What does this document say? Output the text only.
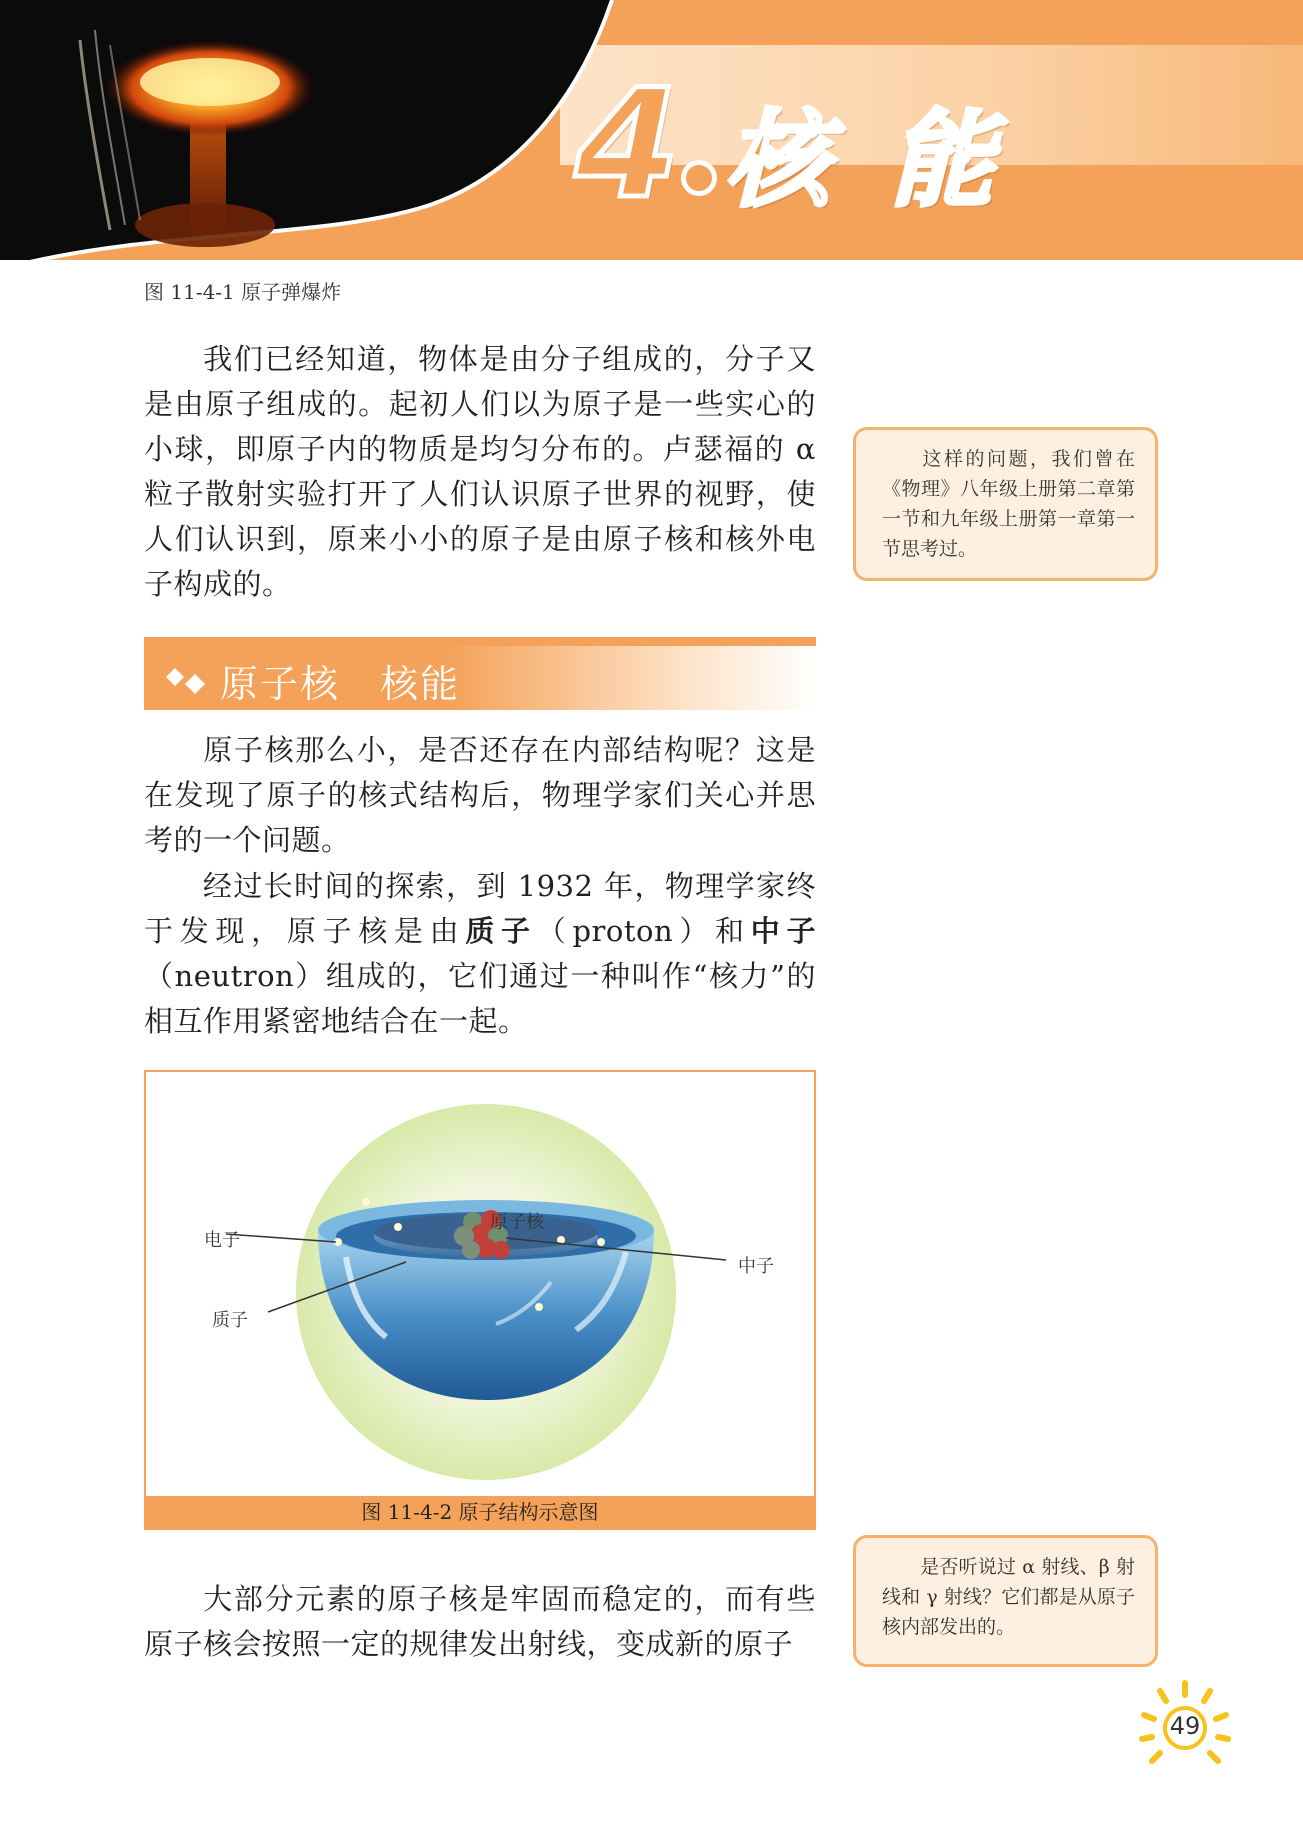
4 核能
图 11-4-1 原子弹爆炸

我们已经知道，物体是由分子组成的，分子又是由原子组成的。起初人们以为原子是一些实心的小球，即原子内的物质是均匀分布的。卢瑟福的 α 粒子散射实验打开了人们认识原子世界的视野，使人们认识到，原来小小的原子是由原子核和核外电子构成的。

这样的问题，我们曾在《物理》八年级上册第二章第一节和九年级上册第一章第一节思考过。
原子核　核能

原子核那么小，是否还存在内部结构呢？这是在发现了原子的核式结构后，物理学家们关心并思考的一个问题。

经过长时间的探索，到 1932 年，物理学家终于发现，原子核是由质子（proton）和中子（neutron）组成的，它们通过一种叫作“核力”的相互作用紧密地结合在一起。

电子
质子
原子核
中子
图 11-4-2 原子结构示意图

大部分元素的原子核是牢固而稳定的，而有些原子核会按照一定的规律发出射线，变成新的原子

是否听说过 α 射线、β 射线和 γ 射线？它们都是从原子核内部发出的。
49
